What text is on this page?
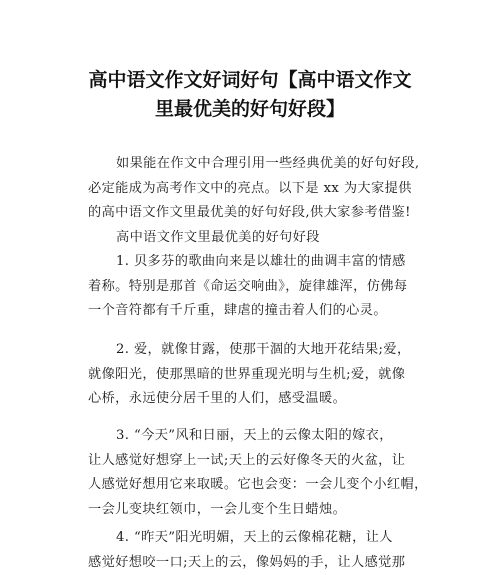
高中语文作文好词好句【高中语文作文
里最优美的好句好段】
如果能在作文中合理引用一些经典优美的好句好段,
必定能成为高考作文中的亮点。以下是 xx 为大家提供
的高中语文作文里最优美的好句好段,供大家参考借鉴!
高中语文作文里最优美的好句好段
1. 贝多芬的歌曲向来是以雄壮的曲调丰富的情感
着称。特别是那首《命运交响曲》，旋律雄浑，仿佛每
一个音符都有千斤重，肆虐的撞击着人们的心灵。
2. 爱，就像甘露，使那干涸的大地开花结果;爱，
就像阳光，使那黑暗的世界重现光明与生机;爱，就像
心桥，永远使分居千里的人们，感受温暖。
3. “今天”风和日丽，天上的云像太阳的嫁衣，
让人感觉好想穿上一试;天上的云好像冬天的火盆，让
人感觉好想用它来取暖。它也会变：一会儿变个小红帽，
一会儿变块红领巾，一会儿变个生日蜡烛。
4. “昨天”阳光明媚，天上的云像棉花糖，让人
感觉好想咬一口;天上的云，像妈妈的手，让人感觉那
